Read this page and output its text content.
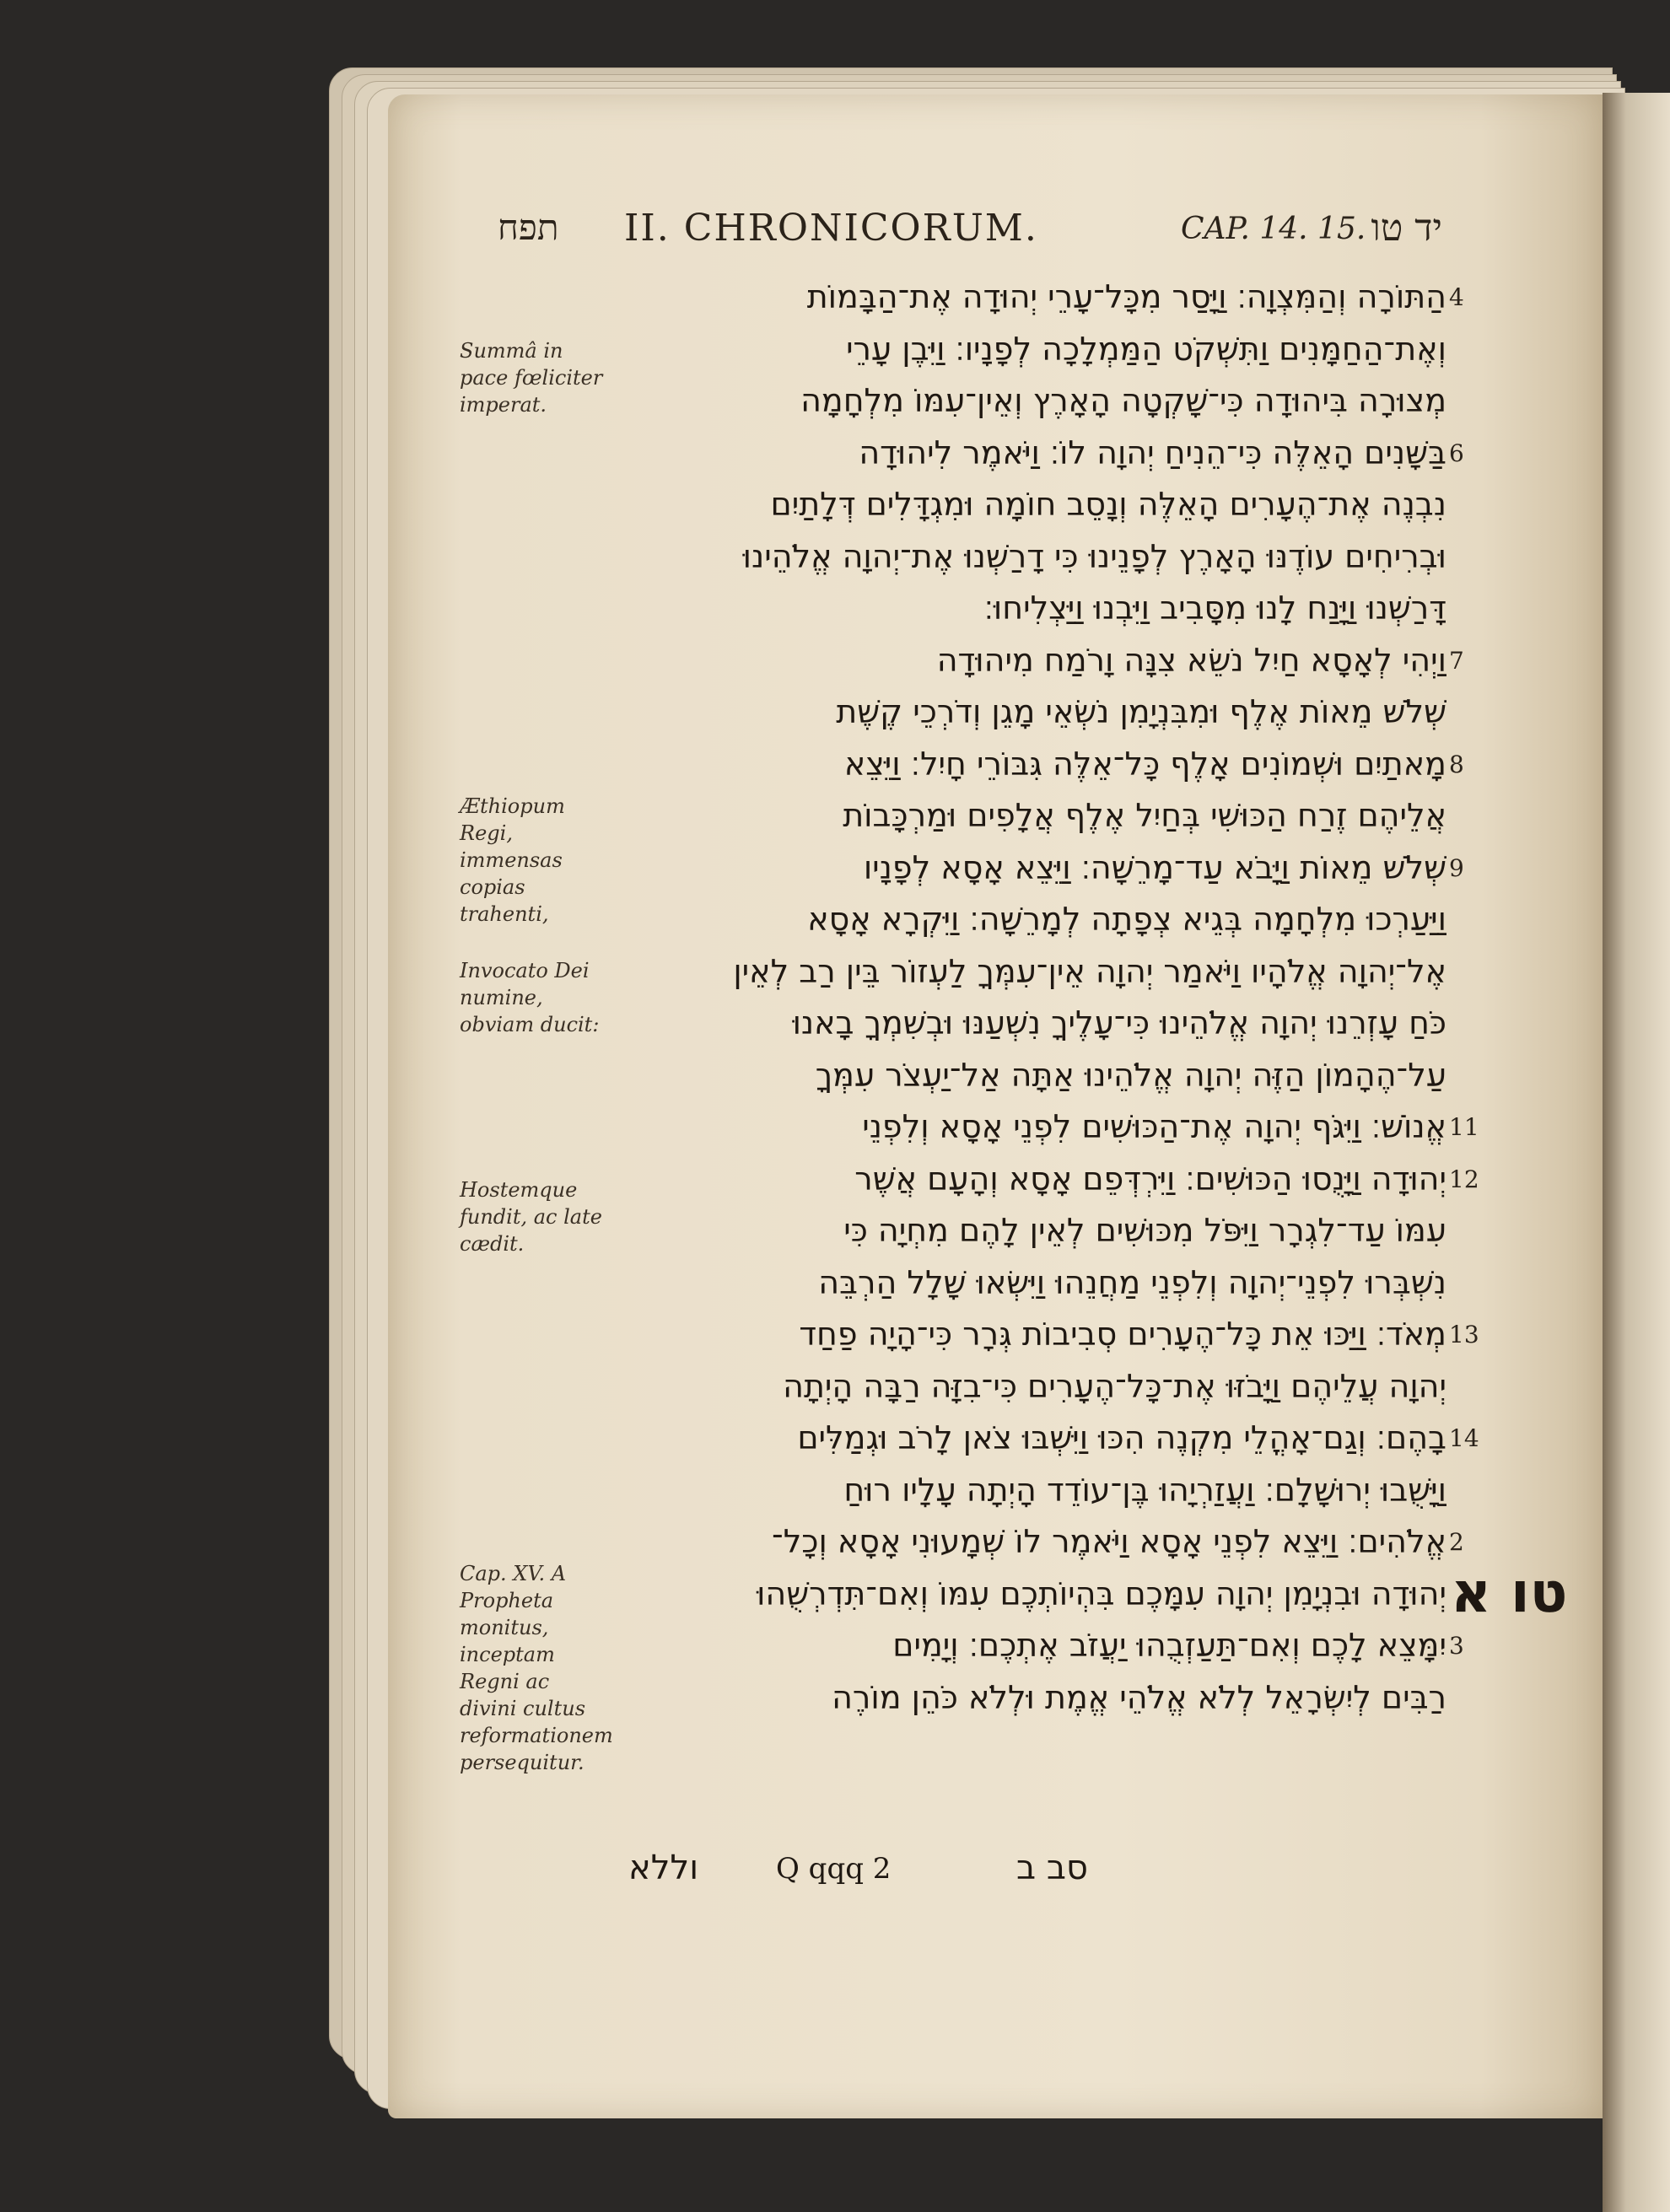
תפח II. CHRONICORUM.	CAP. 14. 15. יד טו
Summâ in pace fœliciter imperat.
Æthiopum Regi, immensas copias trahenti,
Invocato Dei numine, obviam ducit:
Hostemque fundit, ac late cædit.
Cap. XV. A Propheta monitus, inceptam Regni ac divini cultus reformationem persequitur.
הַתּוֹרָה וְהַמִּצְוָה׃ וַיָּסַר מִכָּל־עָרֵי יְהוּדָה אֶת־הַבָּמוֹת
וְאֶת־הַחַמָּנִים וַתִּשְׁקֹט הַמַּמְלָכָה לְפָנָיו׃ וַיִּבֶן עָרֵי
מְצוּרָה בִּיהוּדָה כִּי־שָׁקְטָה הָאָרֶץ וְאֵין־עִמּוֹ מִלְחָמָה
בַּשָּׁנִים הָאֵלֶּה כִּי־הֵנִיחַ יְהוָה לוֹ׃ וַיֹּאמֶר לִיהוּדָה
נִבְנֶה אֶת־הֶעָרִים הָאֵלֶּה וְנָסֵב חוֹמָה וּמִגְדָּלִים דְּלָתַיִם
וּבְרִיחִים עוֹדֶנּוּ הָאָרֶץ לְפָנֵינוּ כִּי דָרַשְׁנוּ אֶת־יְהוָה אֱלֹהֵינוּ
דָּרַשְׁנוּ וַיָּנַח לָנוּ מִסָּבִיב וַיִּבְנוּ וַיַּצְלִיחוּ׃
וַיְהִי לְאָסָא חַיִל נֹשֵׂא צִנָּה וָרֹמַח מִיהוּדָה
שְׁלֹשׁ מֵאוֹת אֶלֶף וּמִבִּנְיָמִן נֹשְׂאֵי מָגֵן וְדֹרְכֵי קֶשֶׁת
מָאתַיִם וּשְׁמוֹנִים אָלֶף כָּל־אֵלֶּה גִּבּוֹרֵי חָיִל׃ וַיֵּצֵא
אֲלֵיהֶם זֶרַח הַכּוּשִׁי בְּחַיִל אֶלֶף אֲלָפִים וּמַרְכָּבוֹת
שְׁלֹשׁ מֵאוֹת וַיָּבֹא עַד־מָרֵשָׁה׃ וַיֵּצֵא אָסָא לְפָנָיו
וַיַּעַרְכוּ מִלְחָמָה בְּגֵיא צְפָתָה לְמָרֵשָׁה׃ וַיִּקְרָא אָסָא
אֶל־יְהוָה אֱלֹהָיו וַיֹּאמַר יְהוָה אֵין־עִמְּךָ לַעְזוֹר בֵּין רַב לְאֵין
כֹּחַ עָזְרֵנוּ יְהוָה אֱלֹהֵינוּ כִּי־עָלֶיךָ נִשְׁעַנּוּ וּבְשִׁמְךָ בָאנוּ
עַל־הֶהָמוֹן הַזֶּה יְהוָה אֱלֹהֵינוּ אַתָּה אַל־יַעְצֹר עִמְּךָ
אֱנוֹשׁ׃ וַיִּגֹּף יְהוָה אֶת־הַכּוּשִׁים לִפְנֵי אָסָא וְלִפְנֵי
יְהוּדָה וַיָּנֻסוּ הַכּוּשִׁים׃ וַיִּרְדְּפֵם אָסָא וְהָעָם אֲשֶׁר
עִמּוֹ עַד־לִגְרָר וַיִּפֹּל מִכּוּשִׁים לְאֵין לָהֶם מִחְיָה כִּי
נִשְׁבְּרוּ לִפְנֵי־יְהוָה וְלִפְנֵי מַחֲנֵהוּ וַיִּשְׂאוּ שָׁלָל הַרְבֵּה
מְאֹד׃ וַיַּכּוּ אֵת כָּל־הֶעָרִים סְבִיבוֹת גְּרָר כִּי־הָיָה פַחַד
יְהוָה עֲלֵיהֶם וַיָּבֹזּוּ אֶת־כָּל־הֶעָרִים כִּי־בִזָּה רַבָּה הָיְתָה
בָהֶם׃ וְגַם־אָהֳלֵי מִקְנֶה הִכּוּ וַיִּשְׁבּוּ צֹאן לָרֹב וּגְמַלִּים
וַיָּשֻׁבוּ יְרוּשָׁלִָם׃ וַעֲזַרְיָהוּ בֶּן־עוֹדֵד הָיְתָה עָלָיו רוּחַ
אֱלֹהִים׃ וַיֵּצֵא לִפְנֵי אָסָא וַיֹּאמֶר לוֹ שְׁמָעוּנִי אָסָא וְכָל־
יְהוּדָה וּבִנְיָמִן יְהוָה עִמָּכֶם בִּהְיוֹתְכֶם עִמּוֹ וְאִם־תִּדְרְשֻׁהוּ
יִמָּצֵא לָכֶם וְאִם־תַּעַזְבֻהוּ יַעֲזֹב אֶתְכֶם׃ וְיָמִים
רַבִּים לְיִשְׂרָאֵל לְלֹא אֱלֹהֵי אֱמֶת וּלְלֹא כֹּהֵן מוֹרֶה
טו א
וללא	Q qqq 2	סב ב
4
6
7
8
9
11
12
13
14
2
3
